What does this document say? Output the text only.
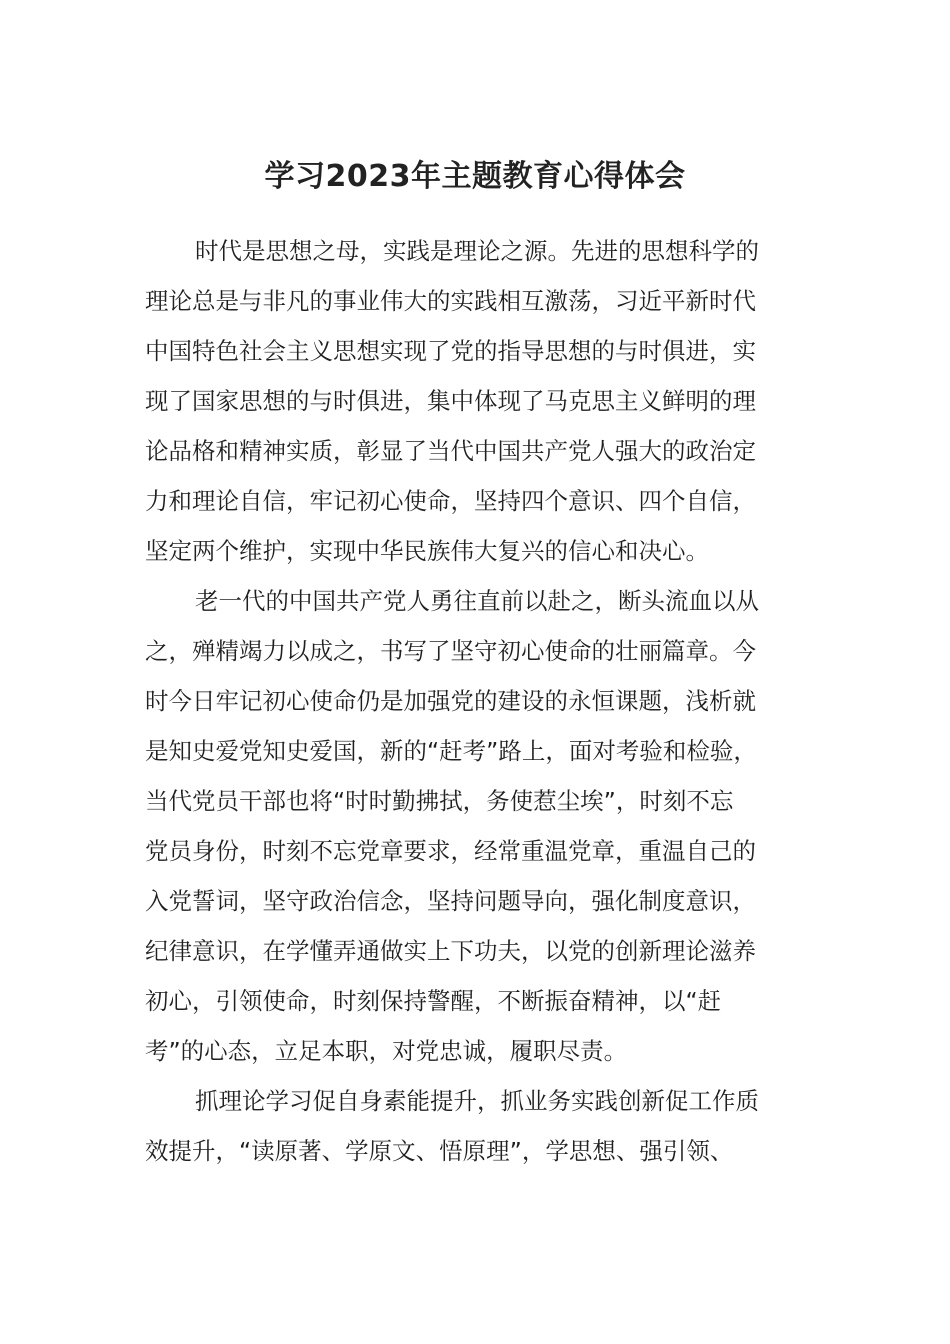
学习2023年主题教育心得体会
时代是思想之母，实践是理论之源。先进的思想科学的
理论总是与非凡的事业伟大的实践相互激荡，习近平新时代
中国特色社会主义思想实现了党的指导思想的与时俱进，实
现了国家思想的与时俱进，集中体现了马克思主义鲜明的理
论品格和精神实质，彰显了当代中国共产党人强大的政治定
力和理论自信，牢记初心使命，坚持四个意识、四个自信，
坚定两个维护，实现中华民族伟大复兴的信心和决心。
老一代的中国共产党人勇往直前以赴之，断头流血以从
之，殚精竭力以成之，书写了坚守初心使命的壮丽篇章。今
时今日牢记初心使命仍是加强党的建设的永恒课题，浅析就
是知史爱党知史爱国，新的“赶考”路上，面对考验和检验，
当代党员干部也将“时时勤拂拭，务使惹尘埃”，时刻不忘
党员身份，时刻不忘党章要求，经常重温党章，重温自己的
入党誓词，坚守政治信念，坚持问题导向，强化制度意识，
纪律意识，在学懂弄通做实上下功夫，以党的创新理论滋养
初心，引领使命，时刻保持警醒，不断振奋精神，以“赶
考”的心态，立足本职，对党忠诚，履职尽责。
抓理论学习促自身素能提升，抓业务实践创新促工作质
效提升，“读原著、学原文、悟原理”，学思想、强引领、
